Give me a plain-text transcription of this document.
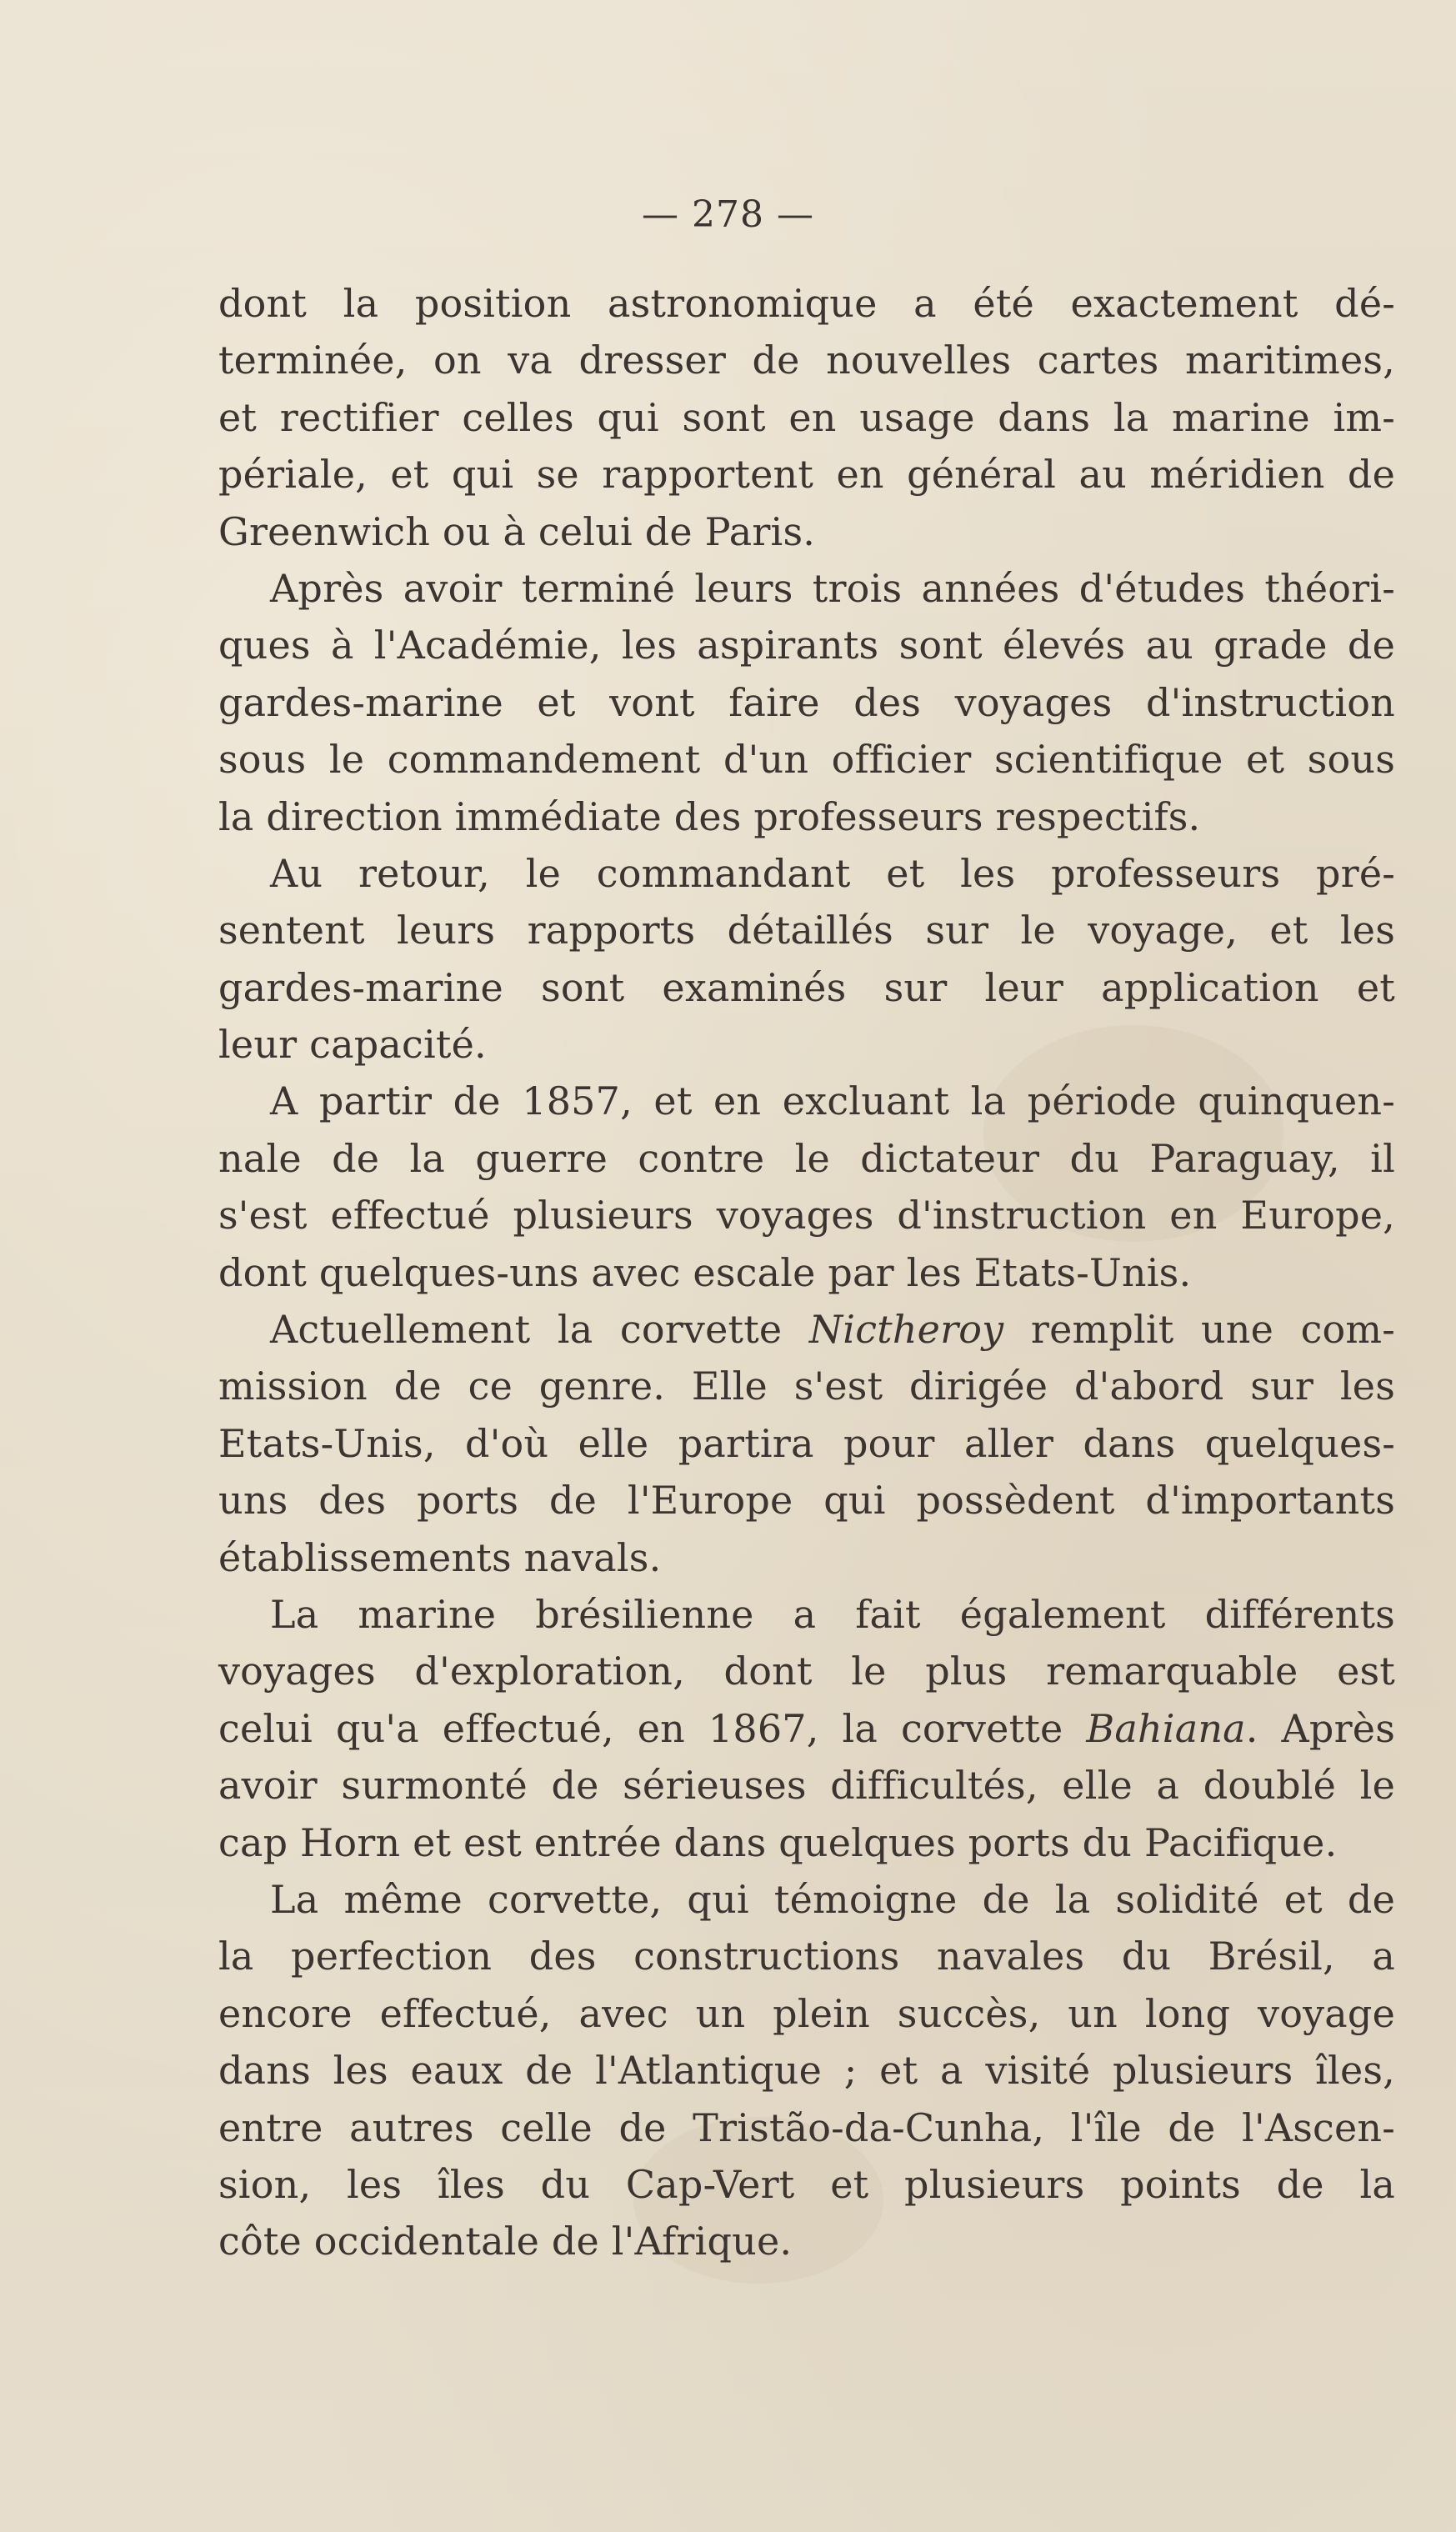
— 278 —
dont la position astronomique a été exactement dé-
terminée, on va dresser de nouvelles cartes maritimes,
et rectifier celles qui sont en usage dans la marine im-
périale, et qui se rapportent en général au méridien de
Greenwich ou à celui de Paris.
Après avoir terminé leurs trois années d'études théori-
ques à l'Académie, les aspirants sont élevés au grade de
gardes-marine et vont faire des voyages d'instruction
sous le commandement d'un officier scientifique et sous
la direction immédiate des professeurs respectifs.
Au retour, le commandant et les professeurs pré-
sentent leurs rapports détaillés sur le voyage, et les
gardes-marine sont examinés sur leur application et
leur capacité.
A partir de 1857, et en excluant la période quinquen-
nale de la guerre contre le dictateur du Paraguay, il
s'est effectué plusieurs voyages d'instruction en Europe,
dont quelques-uns avec escale par les Etats-Unis.
Actuellement la corvette Nictheroy remplit une com-
mission de ce genre. Elle s'est dirigée d'abord sur les
Etats-Unis, d'où elle partira pour aller dans quelques-
uns des ports de l'Europe qui possèdent d'importants
établissements navals.
La marine brésilienne a fait également différents
voyages d'exploration, dont le plus remarquable est
celui qu'a effectué, en 1867, la corvette Bahiana. Après
avoir surmonté de sérieuses difficultés, elle a doublé le
cap Horn et est entrée dans quelques ports du Pacifique.
La même corvette, qui témoigne de la solidité et de
la perfection des constructions navales du Brésil, a
encore effectué, avec un plein succès, un long voyage
dans les eaux de l'Atlantique ; et a visité plusieurs îles,
entre autres celle de Tristão-da-Cunha, l'île de l'Ascen-
sion, les îles du Cap-Vert et plusieurs points de la
côte occidentale de l'Afrique.
